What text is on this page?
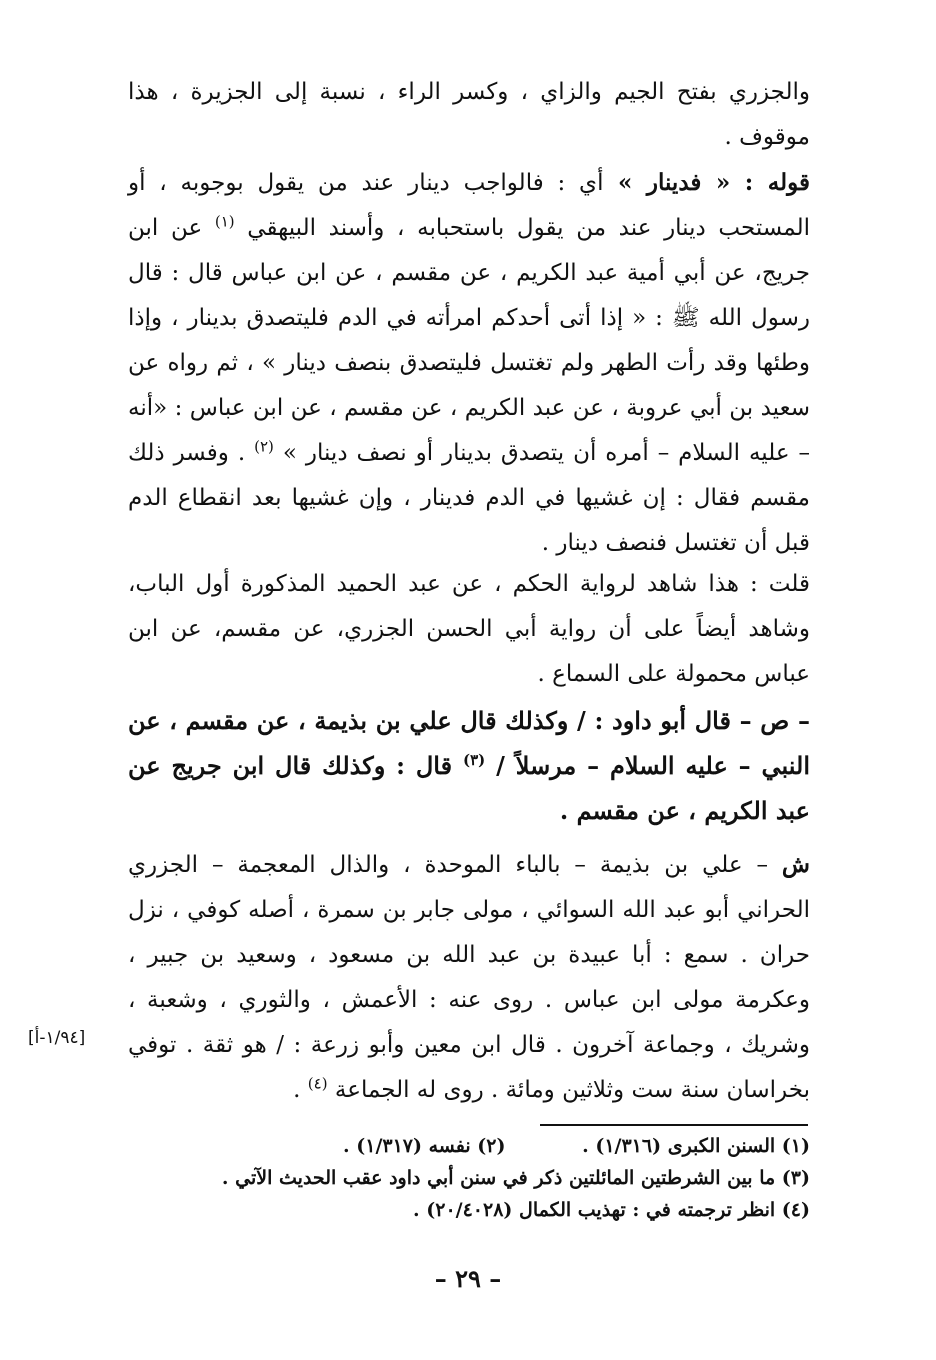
والجزري بفتح الجيم والزاي ، وكسر الراء ، نسبة إلى الجزيرة ، هذا موقوف .

قوله : « فدينار » أي : فالواجب دينار عند من يقول بوجوبه ، أو المستحب دينار عند من يقول باستحبابه ، وأسند البيهقي $^{(١)}$ عن ابن جريج، عن أبي أمية عبد الكريم ، عن مقسم ، عن ابن عباس قال : قال رسول الله ﷺ : « إذا أتى أحدكم امرأته في الدم فليتصدق بدينار ، وإذا وطئها وقد رأت الطهر ولم تغتسل فليتصدق بنصف دينار » ، ثم رواه عن سعيد بن أبي عروبة ، عن عبد الكريم ، عن مقسم ، عن ابن عباس : «أنه – عليه السلام – أمره أن يتصدق بدينار أو نصف دينار » $^{(٢)}$ . وفسر ذلك مقسم فقال : إن غشيها في الدم فدينار ، وإن غشيها بعد انقطاع الدم قبل أن تغتسل فنصف دينار .

قلت : هذا شاهد لرواية الحكم ، عن عبد الحميد المذكورة أول الباب، وشاهد أيضاً على أن رواية أبي الحسن الجزري، عن مقسم، عن ابن عباس محمولة على السماع .

– ص – قال أبو داود : / وكذلك قال علي بن بذيمة ، عن مقسم ، عن النبي – عليه السلام – مرسلاً / $^{(٣)}$ قال : وكذلك قال ابن جريج عن عبد الكريم ، عن مقسم .

ش – علي بن بذيمة – بالباء الموحدة ، والذال المعجمة – الجزري الحراني أبو عبد الله السوائي ، مولى جابر بن سمرة ، أصله كوفي ، نزل حران . سمع : أبا عبيدة بن عبد الله بن مسعود ، وسعيد بن جبير ، وعكرمة مولى ابن عباس . روى عنه : الأعمش ، والثوري ، وشعبة ، وشريك ، وجماعة آخرون . قال ابن معين وأبو زرعة : / هو ثقة . توفي بخراسان سنة ست وثلاثين ومائة . روى له الجماعة $^{(٤)}$ .

[١/٩٤-أ]
(١) السنن الكبرى (١/٣١٦) . (٢) نفسه (١/٣١٧) .
(٣) ما بين الشرطتين المائلتين ذكر في سنن أبي داود عقب الحديث الآتي .
(٤) انظر ترجمته في : تهذيب الكمال (٢٠/٤٠٢٨) .
– ٢٩ –
